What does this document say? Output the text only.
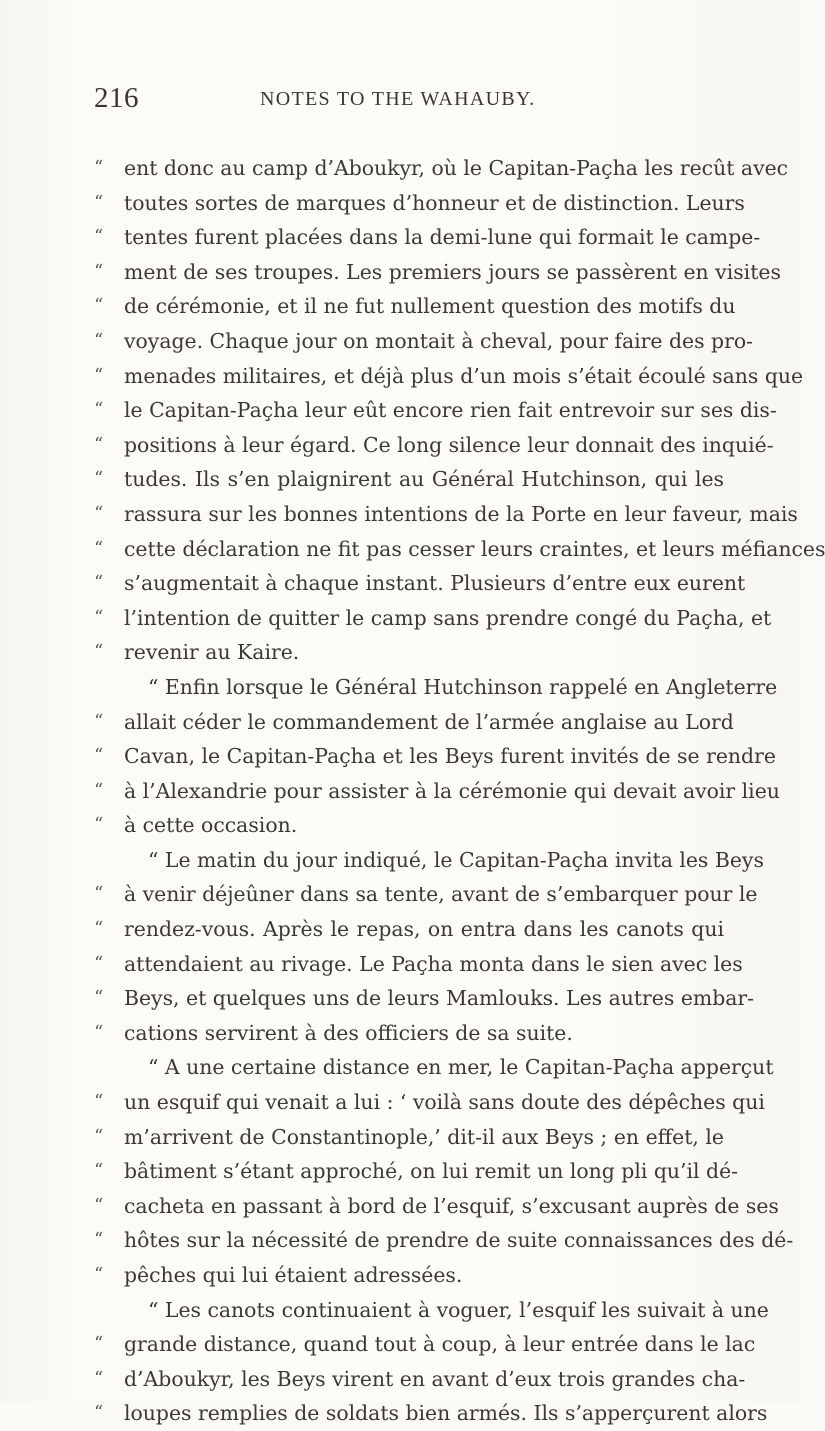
216	NOTES TO THE WAHAUBY.
“ ent donc au camp d’Aboukyr, où le Capitan-Paçha les recût avec
“ toutes sortes de marques d’honneur et de distinction. Leurs
“ tentes furent placées dans la demi-lune qui formait le campe-
“ ment de ses troupes. Les premiers jours se passèrent en visites
“ de cérémonie, et il ne fut nullement question des motifs du
“ voyage. Chaque jour on montait à cheval, pour faire des pro-
“ menades militaires, et déjà plus d’un mois s’était écoulé sans que
“ le Capitan-Paçha leur eût encore rien fait entrevoir sur ses dis-
“ positions à leur égard. Ce long silence leur donnait des inquié-
“ tudes. Ils s’en plaignirent au Général Hutchinson, qui les
“ rassura sur les bonnes intentions de la Porte en leur faveur, mais
“ cette déclaration ne fit pas cesser leurs craintes, et leurs méfiances
“ s’augmentait à chaque instant. Plusieurs d’entre eux eurent
“ l’intention de quitter le camp sans prendre congé du Paçha, et
“ revenir au Kaire.
“ Enfin lorsque le Général Hutchinson rappelé en Angleterre
“ allait céder le commandement de l’armée anglaise au Lord
“ Cavan, le Capitan-Paçha et les Beys furent invités de se rendre
“ à l’Alexandrie pour assister à la cérémonie qui devait avoir lieu
“ à cette occasion.
“ Le matin du jour indiqué, le Capitan-Paçha invita les Beys
“ à venir déjeûner dans sa tente, avant de s’embarquer pour le
“ rendez-vous. Après le repas, on entra dans les canots qui
“ attendaient au rivage. Le Paçha monta dans le sien avec les
“ Beys, et quelques uns de leurs Mamlouks. Les autres embar-
“ cations servirent à des officiers de sa suite.
“ A une certaine distance en mer, le Capitan-Paçha apperçut
“ un esquif qui venait a lui : ‘ voilà sans doute des dépêches qui
“ m’arrivent de Constantinople,’ dit-il aux Beys ; en effet, le
“ bâtiment s’étant approché, on lui remit un long pli qu’il dé-
“ cacheta en passant à bord de l’esquif, s’excusant auprès de ses
“ hôtes sur la nécessité de prendre de suite connaissances des dé-
“ pêches qui lui étaient adressées.
“ Les canots continuaient à voguer, l’esquif les suivait à une
“ grande distance, quand tout à coup, à leur entrée dans le lac
“ d’Aboukyr, les Beys virent en avant d’eux trois grandes cha-
“ loupes remplies de soldats bien armés. Ils s’apperçurent alors
